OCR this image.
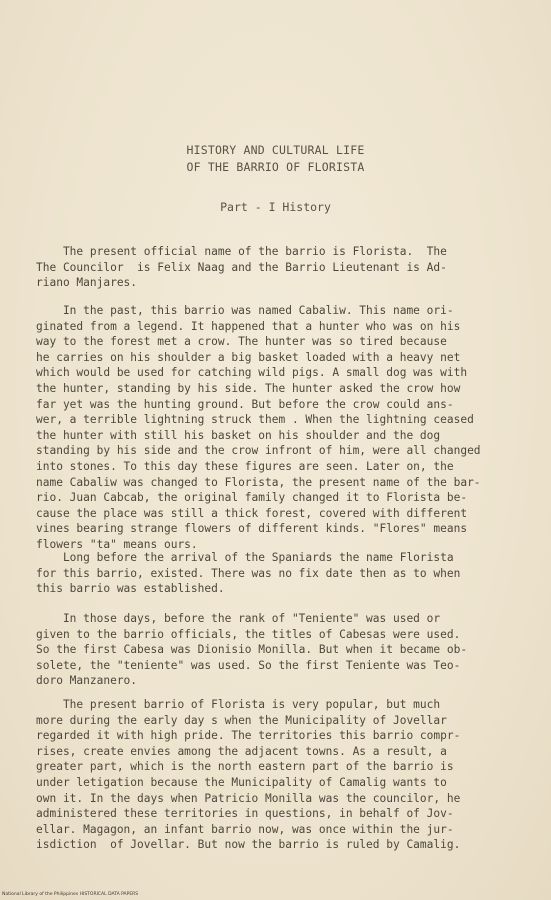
HISTORY AND CULTURAL LIFE
OF THE BARRIO OF FLORISTA
Part - I History

The present official name of the barrio is Florista.  The

The Councilor  is Felix Naag and the Barrio Lieutenant is Ad-

riano Manjares.

In the past, this barrio was named Cabaliw. This name ori-

ginated from a legend. It happened that a hunter who was on his

way to the forest met a crow. The hunter was so tired because

he carries on his shoulder a big basket loaded with a heavy net

which would be used for catching wild pigs. A small dog was with

the hunter, standing by his side. The hunter asked the crow how

far yet was the hunting ground. But before the crow could ans-

wer, a terrible lightning struck them . When the lightning ceased

the hunter with still his basket on his shoulder and the dog

standing by his side and the crow infront of him, were all changed

into stones. To this day these figures are seen. Later on, the

name Cabaliw was changed to Florista, the present name of the bar-

rio. Juan Cabcab, the original family changed it to Florista be-

cause the place was still a thick forest, covered with different

vines bearing strange flowers of different kinds. "Flores" means

flowers "ta" means ours.

Long before the arrival of the Spaniards the name Florista

for this barrio, existed. There was no fix date then as to when

this barrio was established.

In those days, before the rank of "Teniente" was used or

given to the barrio officials, the titles of Cabesas were used.

So the first Cabesa was Dionisio Monilla. But when it became ob-

solete, the "teniente" was used. So the first Teniente was Teo-

doro Manzanero.

The present barrio of Florista is very popular, but much

more during the early day s when the Municipality of Jovellar

regarded it with high pride. The territories this barrio compr-

rises, create envies among the adjacent towns. As a result, a

greater part, which is the north eastern part of the barrio is

under letigation because the Municipality of Camalig wants to

own it. In the days when Patricio Monilla was the councilor, he

administered these territories in questions, in behalf of Jov-

ellar. Magagon, an infant barrio now, was once within the jur-

isdiction  of Jovellar. But now the barrio is ruled by Camalig.

National Library of the Philippines HISTORICAL DATA PAPERS
